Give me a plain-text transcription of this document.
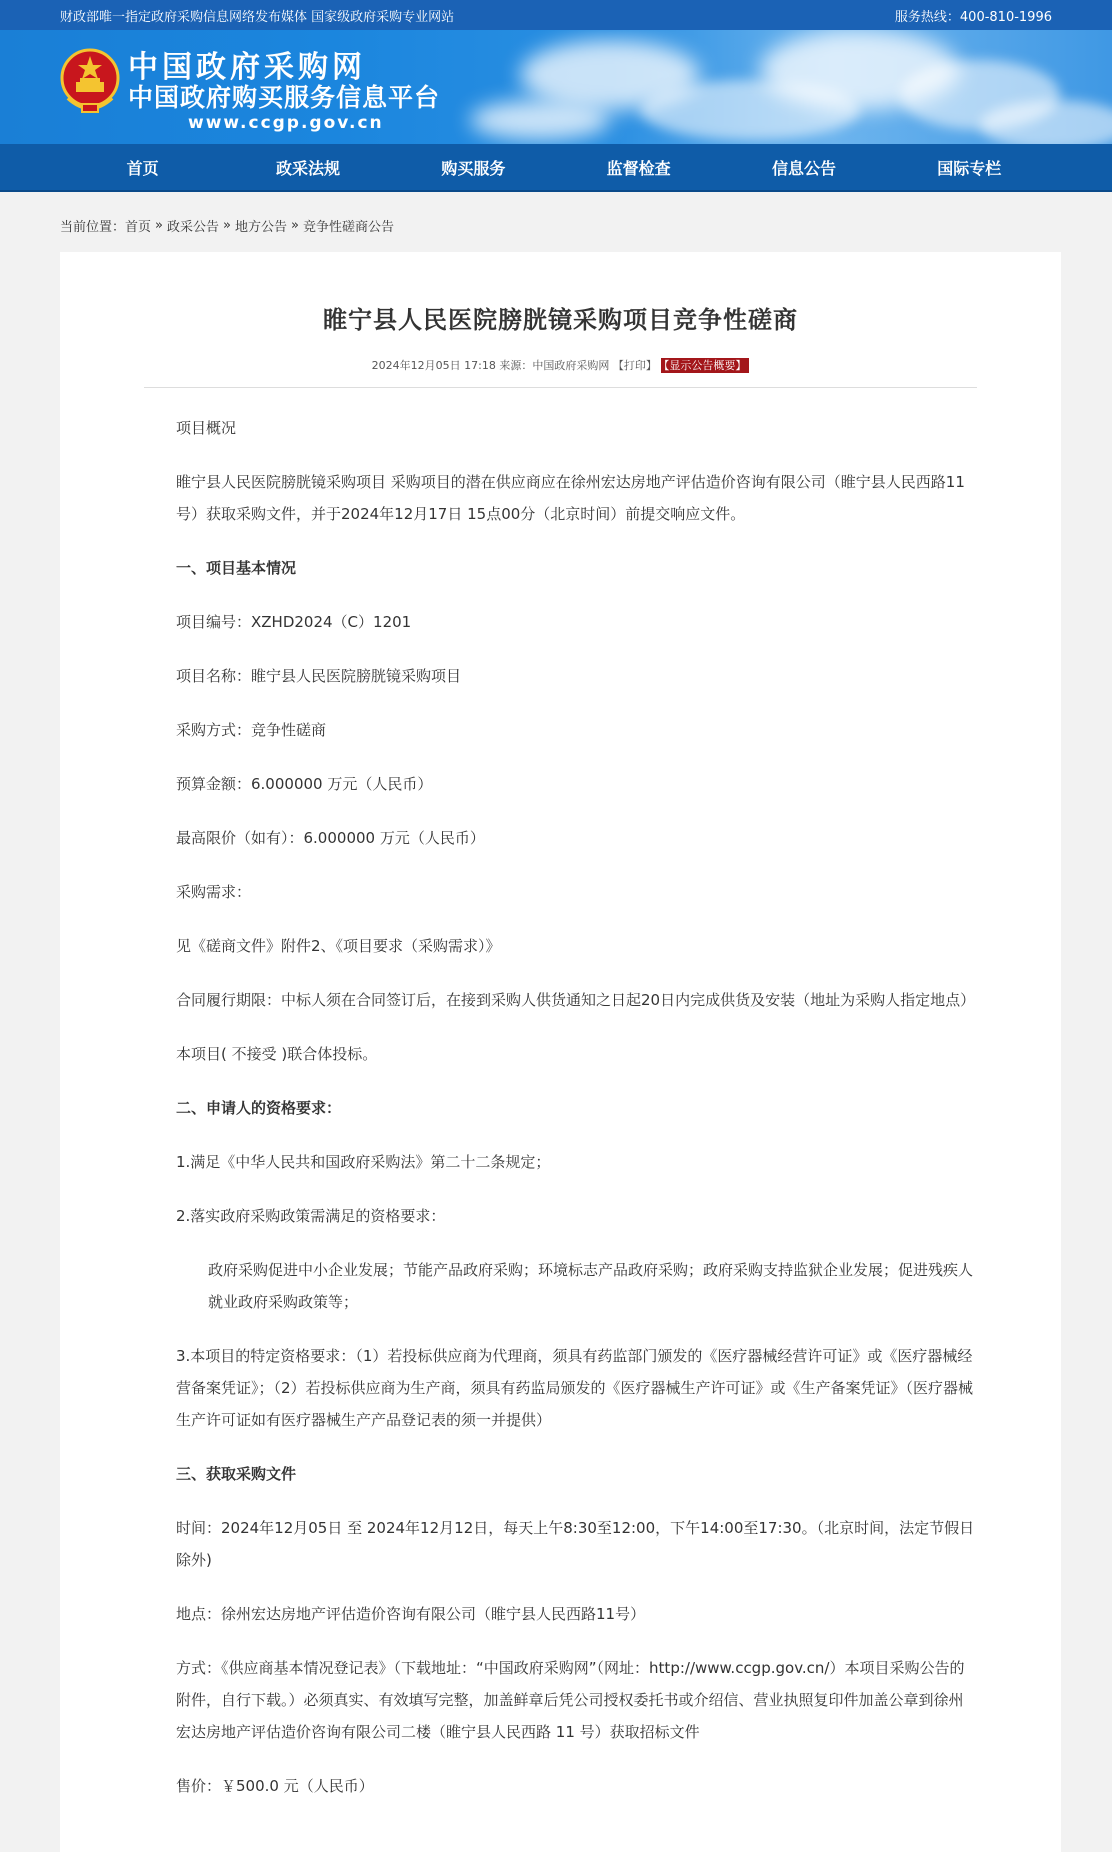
财政部唯一指定政府采购信息网络发布媒体 国家级政府采购专业网站	服务热线：400-810-1996
中国政府采购网
中国政府购买服务信息平台
www.ccgp.gov.cn
首页	政采法规	购买服务	监督检查	信息公告	国际专栏
当前位置： 首页 » 政采公告 » 地方公告 » 竞争性磋商公告
睢宁县人民医院膀胱镜采购项目竞争性磋商
2024年12月05日 17:18 来源：中国政府采购网 【打印】 【显示公告概要】

项目概况

睢宁县人民医院膀胱镜采购项目 采购项目的潜在供应商应在徐州宏达房地产评估造价咨询有限公司（睢宁县人民西路11号）获取采购文件，并于2024年12月17日 15点00分（北京时间）前提交响应文件。

一、项目基本情况

项目编号：XZHD2024（C）1201

项目名称：睢宁县人民医院膀胱镜采购项目

采购方式：竞争性磋商

预算金额：6.000000 万元（人民币）

最高限价（如有）：6.000000 万元（人民币）

采购需求：

见《磋商文件》附件2、《项目要求（采购需求）》

合同履行期限：中标人须在合同签订后，在接到采购人供货通知之日起20日内完成供货及安装（地址为采购人指定地点）

本项目( 不接受 )联合体投标。

二、申请人的资格要求：

1.满足《中华人民共和国政府采购法》第二十二条规定；

2.落实政府采购政策需满足的资格要求：

政府采购促进中小企业发展；节能产品政府采购；环境标志产品政府采购；政府采购支持监狱企业发展；促进残疾人就业政府采购政策等；

3.本项目的特定资格要求：（1）若投标供应商为代理商，须具有药监部门颁发的《医疗器械经营许可证》或《医疗器械经营备案凭证》；（2）若投标供应商为生产商，须具有药监局颁发的《医疗器械生产许可证》或《生产备案凭证》（医疗器械生产许可证如有医疗器械生产产品登记表的须一并提供）

三、获取采购文件

时间：2024年12月05日 至 2024年12月12日，每天上午8:30至12:00，下午14:00至17:30。（北京时间，法定节假日除外)

地点：徐州宏达房地产评估造价咨询有限公司（睢宁县人民西路11号）

方式：《供应商基本情况登记表》（下载地址：“中国政府采购网”（网址：http://www.ccgp.gov.cn/）本项目采购公告的附件，自行下载。）必须真实、有效填写完整，加盖鲜章后凭公司授权委托书或介绍信、营业执照复印件加盖公章到徐州宏达房地产评估造价咨询有限公司二楼（睢宁县人民西路 11 号）获取招标文件

售价：￥500.0 元（人民币）
